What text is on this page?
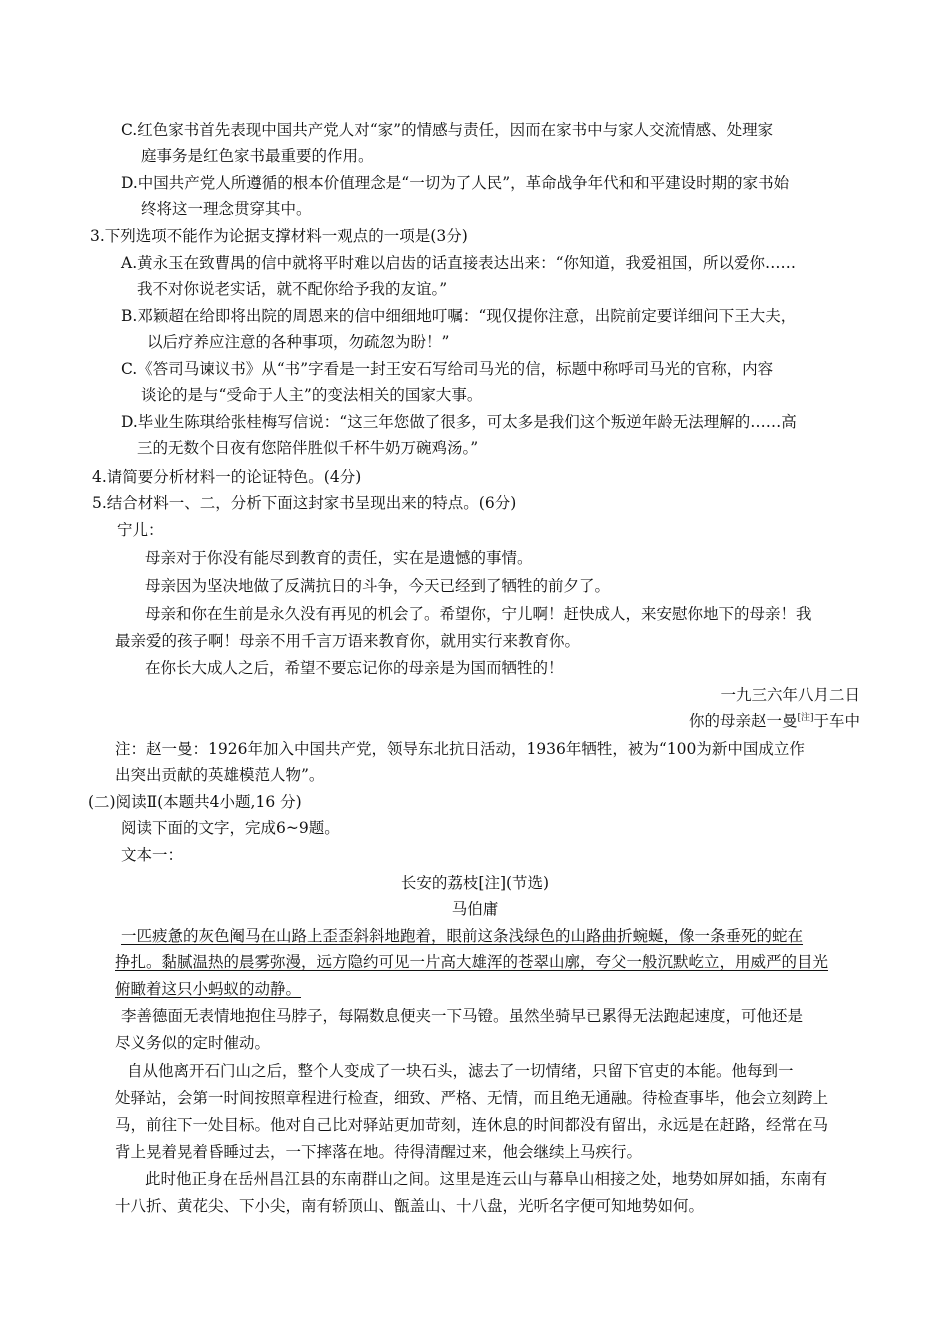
C.红色家书首先表现中国共产党人对“家”的情感与责任，因而在家书中与家人交流情感、处理家
庭事务是红色家书最重要的作用。
D.中国共产党人所遵循的根本价值理念是“一切为了人民”，革命战争年代和和平建设时期的家书始
终将这一理念贯穿其中。
3.下列选项不能作为论据支撑材料一观点的一项是(3分)
A.黄永玉在致曹禺的信中就将平时难以启齿的话直接表达出来：“你知道，我爱祖国，所以爱你……
我不对你说老实话，就不配你给予我的友谊。”
B.邓颖超在给即将出院的周恩来的信中细细地叮嘱：“现仅提你注意，出院前定要详细问下王大夫，
以后疗养应注意的各种事项，勿疏忽为盼！”
C.《答司马谏议书》从“书”字看是一封王安石写给司马光的信，标题中称呼司马光的官称，内容
谈论的是与“受命于人主”的变法相关的国家大事。
D.毕业生陈琪给张桂梅写信说：“这三年您做了很多，可太多是我们这个叛逆年龄无法理解的……高
三的无数个日夜有您陪伴胜似千杯牛奶万碗鸡汤。”
4.请简要分析材料一的论证特色。(4分)
5.结合材料一、二，分析下面这封家书呈现出来的特点。(6分)
宁儿：
母亲对于你没有能尽到教育的责任，实在是遗憾的事情。
母亲因为坚决地做了反满抗日的斗争，今天已经到了牺牲的前夕了。
母亲和你在生前是永久没有再见的机会了。希望你，宁儿啊！赶快成人，来安慰你地下的母亲！我
最亲爱的孩子啊！母亲不用千言万语来教育你，就用实行来教育你。
在你长大成人之后，希望不要忘记你的母亲是为国而牺牲的！
一九三六年八月二日
你的母亲赵一曼[注]于车中
注：赵一曼：1926年加入中国共产党，领导东北抗日活动，1936年牺牲，被为“100为新中国成立作
出突出贡献的英雄模范人物”。
(二)阅读Ⅱ(本题共4小题,16 分)
阅读下面的文字，完成6~9题。
文本一：
长安的荔枝[注](节选)
马伯庸
一匹疲惫的灰色阉马在山路上歪歪斜斜地跑着，眼前这条浅绿色的山路曲折蜿蜒，像一条垂死的蛇在
挣扎。黏腻温热的晨雾弥漫，远方隐约可见一片高大雄浑的苍翠山廓，夸父一般沉默屹立，用威严的目光
俯瞰着这只小蚂蚁的动静。
李善德面无表情地抱住马脖子，每隔数息便夹一下马镫。虽然坐骑早已累得无法跑起速度，可他还是
尽义务似的定时催动。
自从他离开石门山之后，整个人变成了一块石头，滤去了一切情绪，只留下官吏的本能。他每到一
处驿站，会第一时间按照章程进行检查，细致、严格、无情，而且绝无通融。待检查事毕，他会立刻跨上
马，前往下一处目标。他对自己比对驿站更加苛刻，连休息的时间都没有留出，永远是在赶路，经常在马
背上晃着晃着昏睡过去，一下摔落在地。待得清醒过来，他会继续上马疾行。
此时他正身在岳州昌江县的东南群山之间。这里是连云山与幕阜山相接之处，地势如屏如插，东南有
十八折、黄花尖、下小尖，南有轿顶山、甑盖山、十八盘，光听名字便可知地势如何。
